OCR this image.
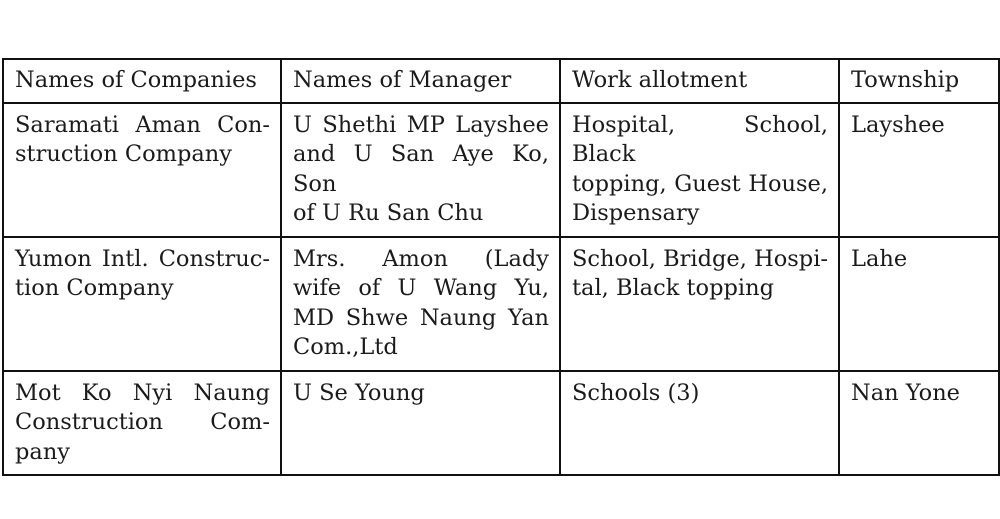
Names of Companies	Names of Manager	Work allotment	Township

Saramati Aman Con-
struction Company	U Shethi MP Layshee
and U San Aye Ko, Son
of U Ru San Chu	Hospital, School, Black
topping, Guest House,
Dispensary	Layshee

Yumon Intl. Construc-
tion Company	Mrs. Amon (Lady
wife of U Wang Yu,
MD Shwe Naung Yan
Com.,Ltd	School, Bridge, Hospi-
tal, Black topping	Lahe

Mot Ko Nyi Naung
Construction Com-
pany	U Se Young	Schools (3)	Nan Yone
